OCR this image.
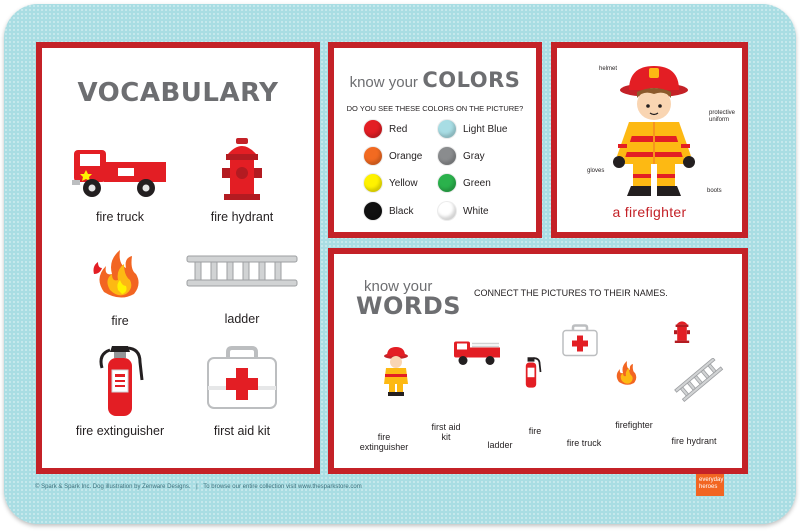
VOCABULARY
fire truck	fire hydrant
fire	ladder
fire extinguisher	first aid kit
know your COLORS
DO YOU SEE THESE COLORS ON THE PICTURE?
Red	Light Blue
Orange	Gray
Yellow	Green
Black	White
helmet
protective uniform
gloves
boots
a firefighter
know your
WORDS CONNECT THE PICTURES TO THEIR NAMES.
fire extinguisher
first aid kit
ladder
fire
fire truck
firefighter
fire hydrant
© Spark & Spark Inc. Dog illustration by Zenware Designs. | To browse our entire collection visit www.thesparkstore.com
everyday heroes
